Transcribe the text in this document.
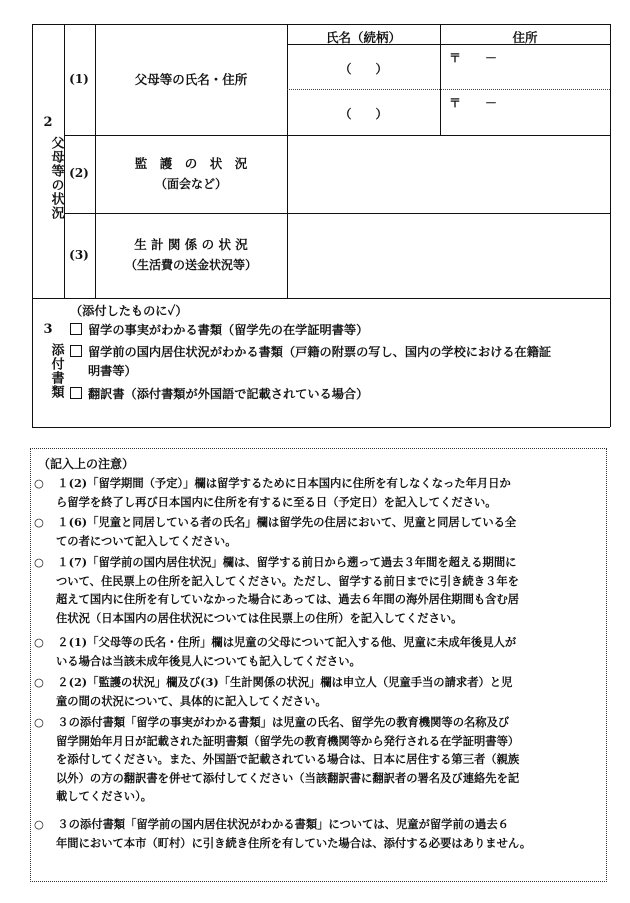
2
父母等の状況
氏名（続柄）	住所
(1)	父母等の氏名・住所
（　　）
（　　）
〒　　－
〒　　－
(2)
監　護　の　状　況
（面会など）
(3)
生 計 関 係 の 状 況
（生活費の送金状況等）
3
添付書類
（添付したものに✓）
留学の事実がわかる書類（留学先の在学証明書等）
留学前の国内居住状況がわかる書類（戸籍の附票の写し、国内の学校における在籍証
明書等）
翻訳書（添付書類が外国語で記載されている場合）
（記入上の注意）
○ 　１(2)「留学期間（予定）」欄は留学するために日本国内に住所を有しなくなった年月日か
ら留学を終了し再び日本国内に住所を有するに至る日（予定日）を記入してください。
○ 　１(6)「児童と同居している者の氏名」欄は留学先の住居において、児童と同居している全
ての者について記入してください。
○ 　１(7)「留学前の国内居住状況」欄は、留学する前日から遡って過去３年間を超える期間に
ついて、住民票上の住所を記入してください。ただし、留学する前日までに引き続き３年を
超えて国内に住所を有していなかった場合にあっては、過去６年間の海外居住期間も含む居
住状況（日本国内の居住状況については住民票上の住所）を記入してください。
○ 　２(1)「父母等の氏名・住所」欄は児童の父母について記入する他、児童に未成年後見人が
いる場合は当該未成年後見人についても記入してください。
○ 　２(2)「監護の状況」欄及び(3)「生計関係の状況」欄は申立人（児童手当の請求者）と児
童の間の状況について、具体的に記入してください。
○ 　３の添付書類「留学の事実がわかる書類」は児童の氏名、留学先の教育機関等の名称及び
留学開始年月日が記載された証明書類（留学先の教育機関等から発行される在学証明書等）
を添付してください。また、外国語で記載されている場合は、日本に居住する第三者（親族
以外）の方の翻訳書を併せて添付してください（当該翻訳書に翻訳者の署名及び連絡先を記
載してください）。
○ 　３の添付書類「留学前の国内居住状況がわかる書類」については、児童が留学前の過去６
年間において本市（町村）に引き続き住所を有していた場合は、添付する必要はありません。
